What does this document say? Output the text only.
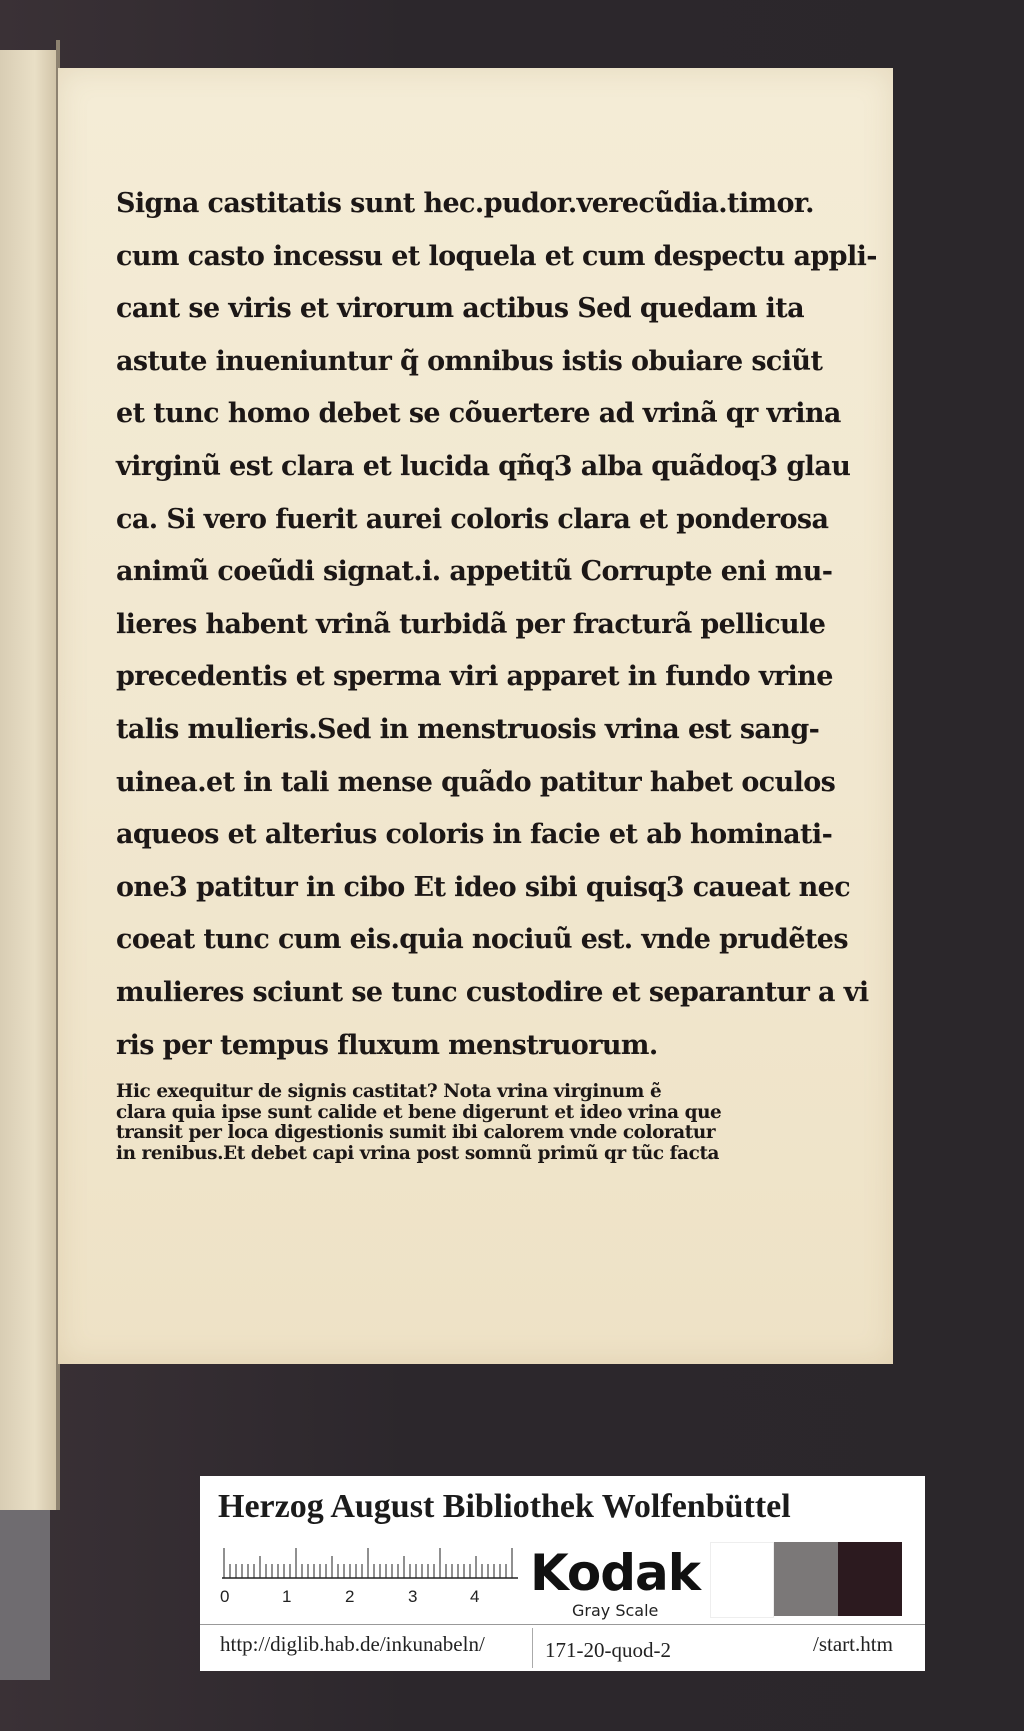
Signa castitatis sunt hec.pudor.verecũdia.timor.
cum casto incessu et loquela et cum despectu appli-
cant se viris et virorum actibus Sed quedam ita
astute inueniuntur q̃ omnibus istis obuiare sciũt
et tunc homo debet se cõuertere ad vrinã qr vrina
virginũ est clara et lucida qñq3 alba quãdoq3 glau
ca. Si vero fuerit aurei coloris clara et ponderosa
animũ coeũdi signat.i. appetitũ Corrupte eni mu-
lieres habent vrinã turbidã per fracturã pellicule
precedentis et sperma viri apparet in fundo vrine
talis mulieris.Sed in menstruosis vrina est sang-
uinea.et in tali mense quãdo patitur habet oculos
aqueos et alterius coloris in facie et ab hominati-
one3 patitur in cibo Et ideo sibi quisq3 caueat nec
coeat tunc cum eis.quia nociuũ est. vnde prudẽtes
mulieres sciunt se tunc custodire et separantur a vi
ris per tempus fluxum menstruorum.
Hic exequitur de signis castitat? Nota vrina virginum ẽ
clara quia ipse sunt calide et bene digerunt et ideo vrina que
transit per loca digestionis sumit ibi calorem vnde coloratur
in renibus.Et debet capi vrina post somnũ primũ qr tũc facta
Herzog August Bibliothek Wolfenbüttel
0	1	2	3	4 Kodak
Gray Scale
http://diglib.hab.de/inkunabeln/	171-20-quod-2	/start.htm
